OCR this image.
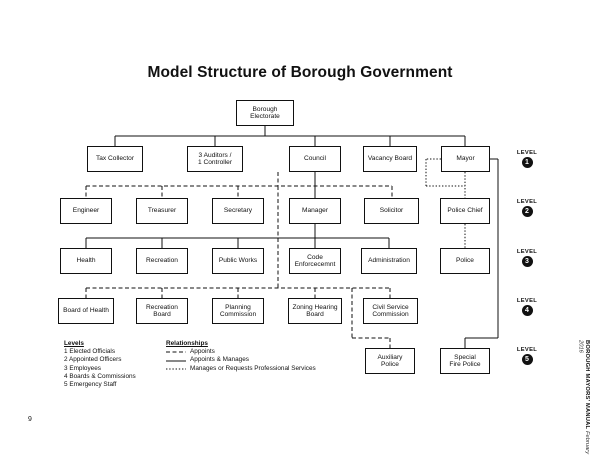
Model Structure of Borough Government
Borough
Electorate
Tax Collector
3 Auditors /
1 Controller
Council	Vacancy Board	Mayor
Engineer	Treasurer	Secretary	Manager	Solicitor	Police Chief
Health	Recreation	Public Works
Code
Enforcecemnt
Administration	Police
Board of Health
Recreation
Board
Planning
Commission
Zoning Hearing
Board
Civil Service
Commission
Auxiliary
Police
Special
Fire Police
LEVEL
1
LEVEL
2
LEVEL
3
LEVEL
4
LEVEL
5
Levels
1 Elected Officials
2 Appointed Officers
3 Employees
4 Boards & Commissions
5 Emergency Staff
Relationships
Appoints
Appoints & Manages
Manages or Requests Professional Services
6	BOROUGH MAYORS' MANUAL February 2016
